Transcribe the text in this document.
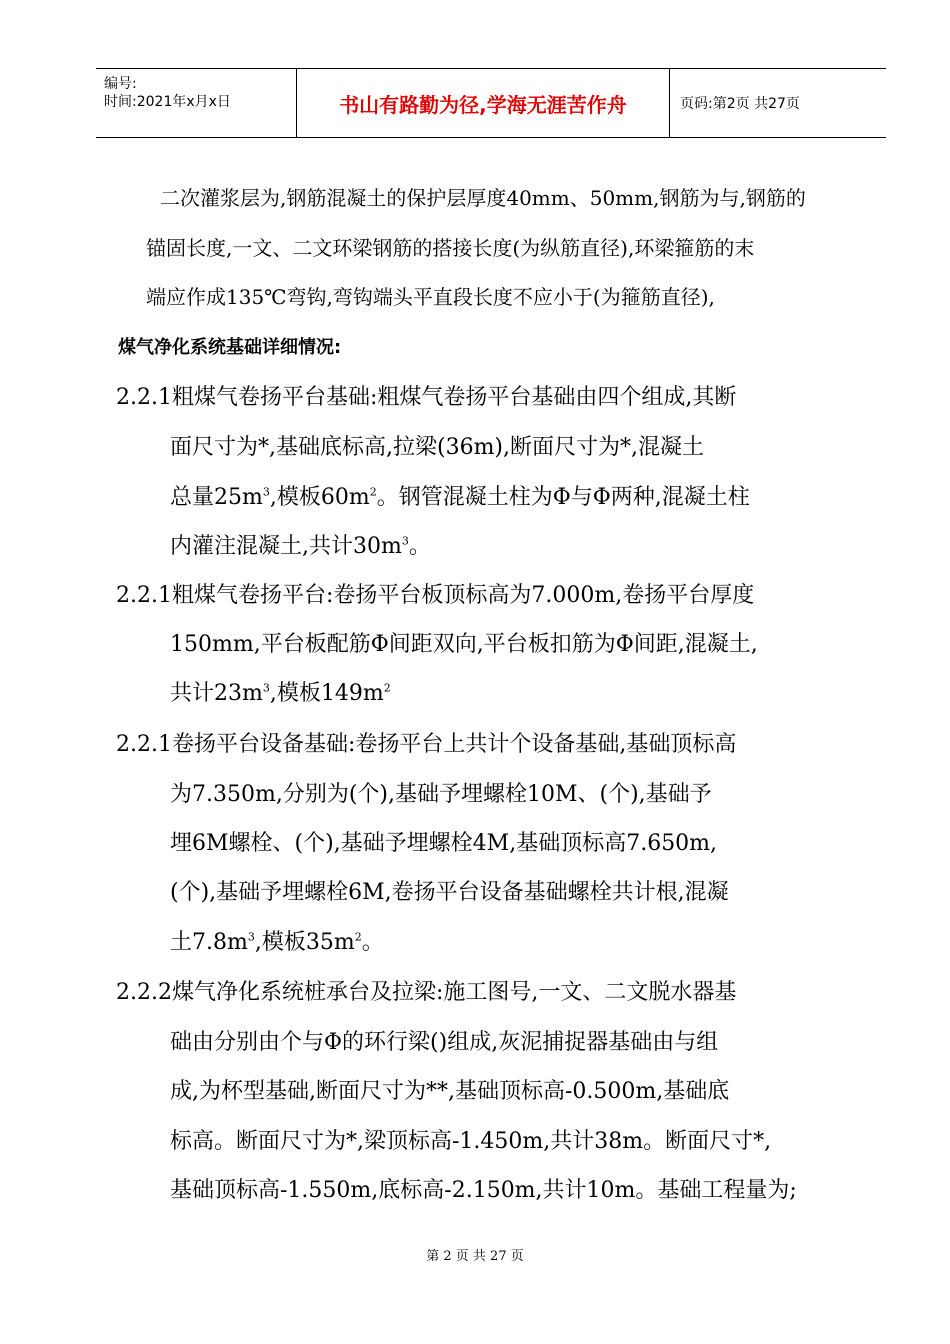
编号:
时间:2021年x月x日	书山有路勤为径,学海无涯苦作舟	页码:第2页 共27页
二次灌浆层为,钢筋混凝土的保护层厚度40mm、50mm,钢筋为与,钢筋的
锚固长度,一文、二文环梁钢筋的搭接长度(为纵筋直径),环梁箍筋的末
端应作成135℃弯钩,弯钩端头平直段长度不应小于(为箍筋直径),
煤气净化系统基础详细情况:
2.2.1粗煤气卷扬平台基础:粗煤气卷扬平台基础由四个组成,其断
面尺寸为*,基础底标高,拉梁(36m),断面尺寸为*,混凝土
总量$25m^3$,模板$60m^2$。钢管混凝土柱为Φ与Φ两种,混凝土柱
内灌注混凝土,共计$30m^3$。
2.2.1粗煤气卷扬平台:卷扬平台板顶标高为7.000m,卷扬平台厚度
150mm,平台板配筋Φ间距双向,平台板扣筋为Φ间距,混凝土,
共计$23m^3$,模板$149m^2$
2.2.1卷扬平台设备基础:卷扬平台上共计个设备基础,基础顶标高
为7.350m,分别为(个),基础予埋螺栓10M、(个),基础予
埋6M螺栓、(个),基础予埋螺栓4M,基础顶标高7.650m,
(个),基础予埋螺栓6M,卷扬平台设备基础螺栓共计根,混凝
土$7.8m^3$,模板$35m^2$。
2.2.2煤气净化系统桩承台及拉梁:施工图号,一文、二文脱水器基
础由分别由个与Φ的环行梁()组成,灰泥捕捉器基础由与组
成,为杯型基础,断面尺寸为**,基础顶标高-0.500m,基础底
标高。断面尺寸为*,梁顶标高-1.450m,共计38m。断面尺寸*,
基础顶标高-1.550m,底标高-2.150m,共计10m。基础工程量为;
第 2 页 共 27 页
